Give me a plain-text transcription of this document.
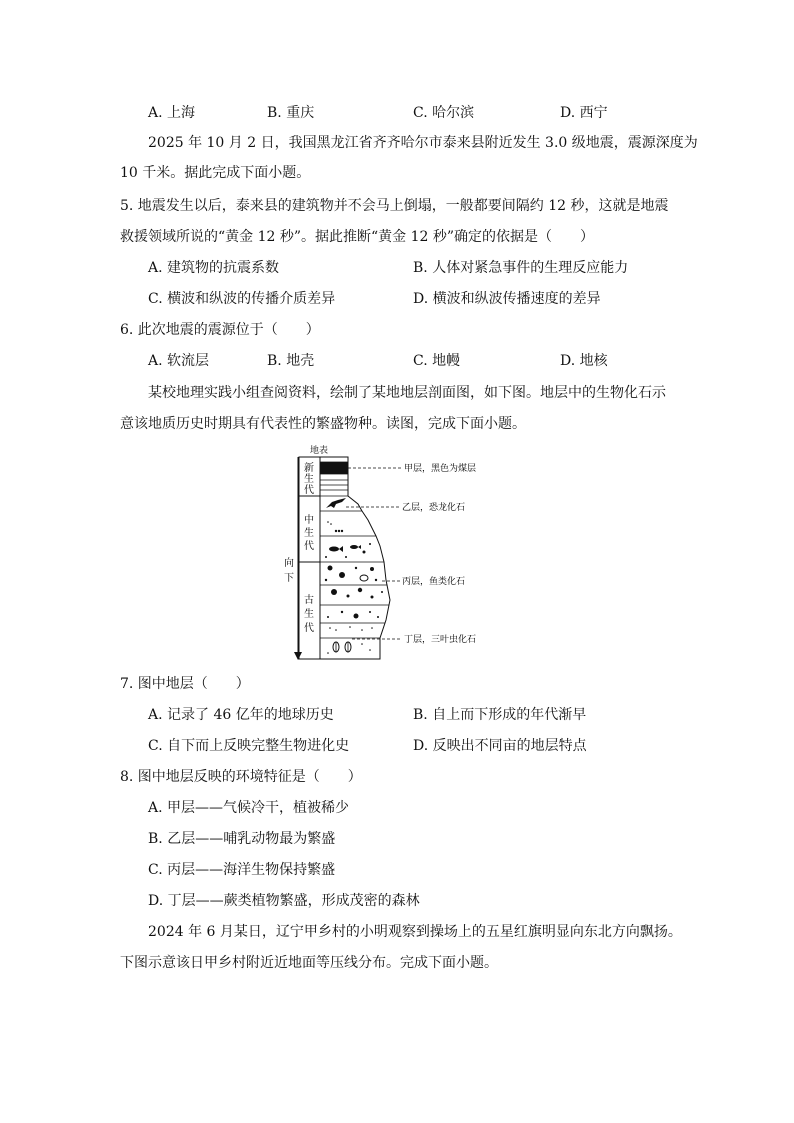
A. 上海	B. 重庆	C. 哈尔滨	D. 西宁
2025 年 10 月 2 日，我国黑龙江省齐齐哈尔市泰来县附近发生 3.0 级地震，震源深度为
10 千米。据此完成下面小题。
5. 地震发生以后，泰来县的建筑物并不会马上倒塌，一般都要间隔约 12 秒，这就是地震
救援领域所说的“黄金 12 秒”。据此推断“黄金 12 秒”确定的依据是（　　）
A. 建筑物的抗震系数	B. 人体对紧急事件的生理反应能力
C. 横波和纵波的传播介质差异	D. 横波和纵波传播速度的差异
6. 此次地震的震源位于（　　）
A. 软流层	B. 地壳	C. 地幔	D. 地核
某校地理实践小组查阅资料，绘制了某地地层剖面图，如下图。地层中的生物化石示
意该地质历史时期具有代表性的繁盛物种。读图，完成下面小题。
地表
新
生
代
中
生
代
古
生
代
向
下
甲层，黑色为煤层
乙层，恐龙化石
丙层，鱼类化石
丁层，三叶虫化石
7. 图中地层（　　）
A. 记录了 46 亿年的地球历史	B. 自上而下形成的年代渐早
C. 自下而上反映完整生物进化史	D. 反映出不同亩的地层特点
8. 图中地层反映的环境特征是（　　）
A. 甲层——气候冷干，植被稀少
B. 乙层——哺乳动物最为繁盛
C. 丙层——海洋生物保持繁盛
D. 丁层——蕨类植物繁盛，形成茂密的森林
2024 年 6 月某日，辽宁甲乡村的小明观察到操场上的五星红旗明显向东北方向飘扬。
下图示意该日甲乡村附近近地面等压线分布。完成下面小题。
